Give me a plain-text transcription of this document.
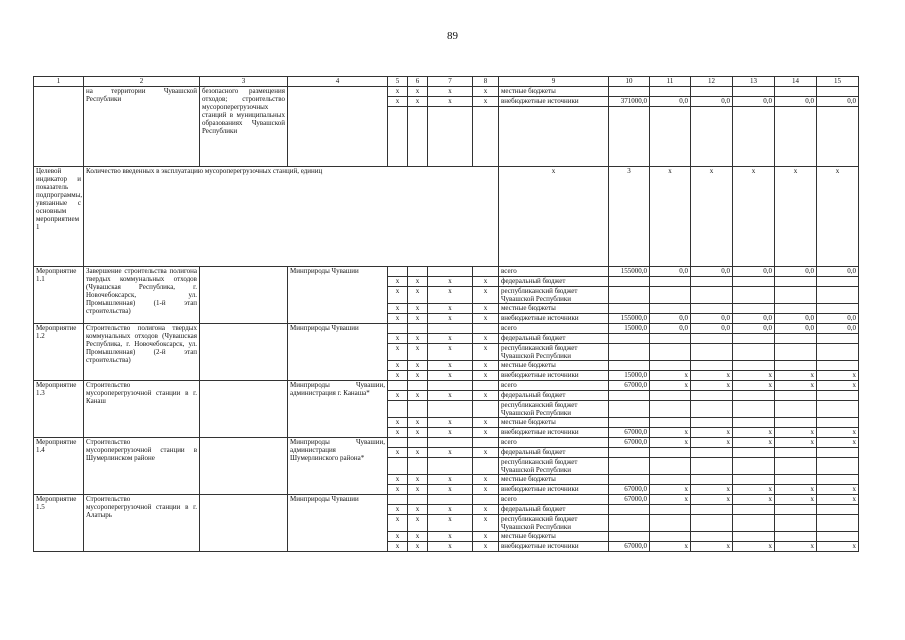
89
1	2	3	4	5	6	7	8	9	10	11	12	13	14	15
	на территории Чувашской Республики	безопасного размещения отходов; строительство мусороперегрузочных станций в муниципальных образованиях Чувашской Республики		x	x	x	x	местные бюджеты						
				x	x	x	x	внебюджетные источники	371000,0	0,0	0,0	0,0	0,0	0,0

Целевой индикатор и показатель подпрограммы, увязанные с основным мероприятием 1	Количество введенных в эксплуатацию мусороперегрузочных станций, единиц							x	3	x	x	x	x	x
Мероприятие 1.1	Завершение строительства полигона твердых коммунальных отходов (Чувашская Республика, г. Новочебоксарск, ул. Промышленная) (1-й этап строительства)		Минприроды Чувашии					всего	155000,0	0,0	0,0	0,0	0,0	0,0
				x	x	x	x	федеральный бюджет						
				x	x	x	x	республиканский бюджет Чувашской Республики						
				x	x	x	x	местные бюджеты						
				x	x	x	x	внебюджетные источники	155000,0	0,0	0,0	0,0	0,0	0,0
Мероприятие 1.2	Строительство полигона твердых коммунальных отходов (Чувашская Республика, г. Новочебоксарск, ул. Промышленная) (2-й этап строительства)		Минприроды Чувашии					всего	15000,0	0,0	0,0	0,0	0,0	0,0
				x	x	x	x	федеральный бюджет						
				x	x	x	x	республиканский бюджет Чувашской Республики						
				x	x	x	x	местные бюджеты						
				x	x	x	x	внебюджетные источники	15000,0	x	x	x	x	x
Мероприятие 1.3	Строительство мусороперегрузочной станции в г. Канаш		Минприроды Чувашии, администрация г. Канаша*					всего	67000,0	x	x	x	x	x
				x	x	x	x	федеральный бюджет						
								республиканский бюджет Чувашской Республики						
				x	x	x	x	местные бюджеты						
				x	x	x	x	внебюджетные источники	67000,0	x	x	x	x	x
Мероприятие 1.4	Строительство мусороперегрузочной станции в Шумерлинском районе		Минприроды Чувашии, администрация Шумерлинского района*					всего	67000,0	x	x	x	x	x
				x	x	x	x	федеральный бюджет						
								республиканский бюджет Чувашской Республики						
				x	x	x	x	местные бюджеты						
				x	x	x	x	внебюджетные источники	67000,0	x	x	x	x	x
Мероприятие 1.5	Строительство мусороперегрузочной станции в г. Алатырь		Минприроды Чувашии					всего	67000,0	x	x	x	x	x
				x	x	x	x	федеральный бюджет						
				x	x	x	x	республиканский бюджет Чувашской Республики						
				x	x	x	x	местные бюджеты						
				x	x	x	x	внебюджетные источники	67000,0	x	x	x	x	x
